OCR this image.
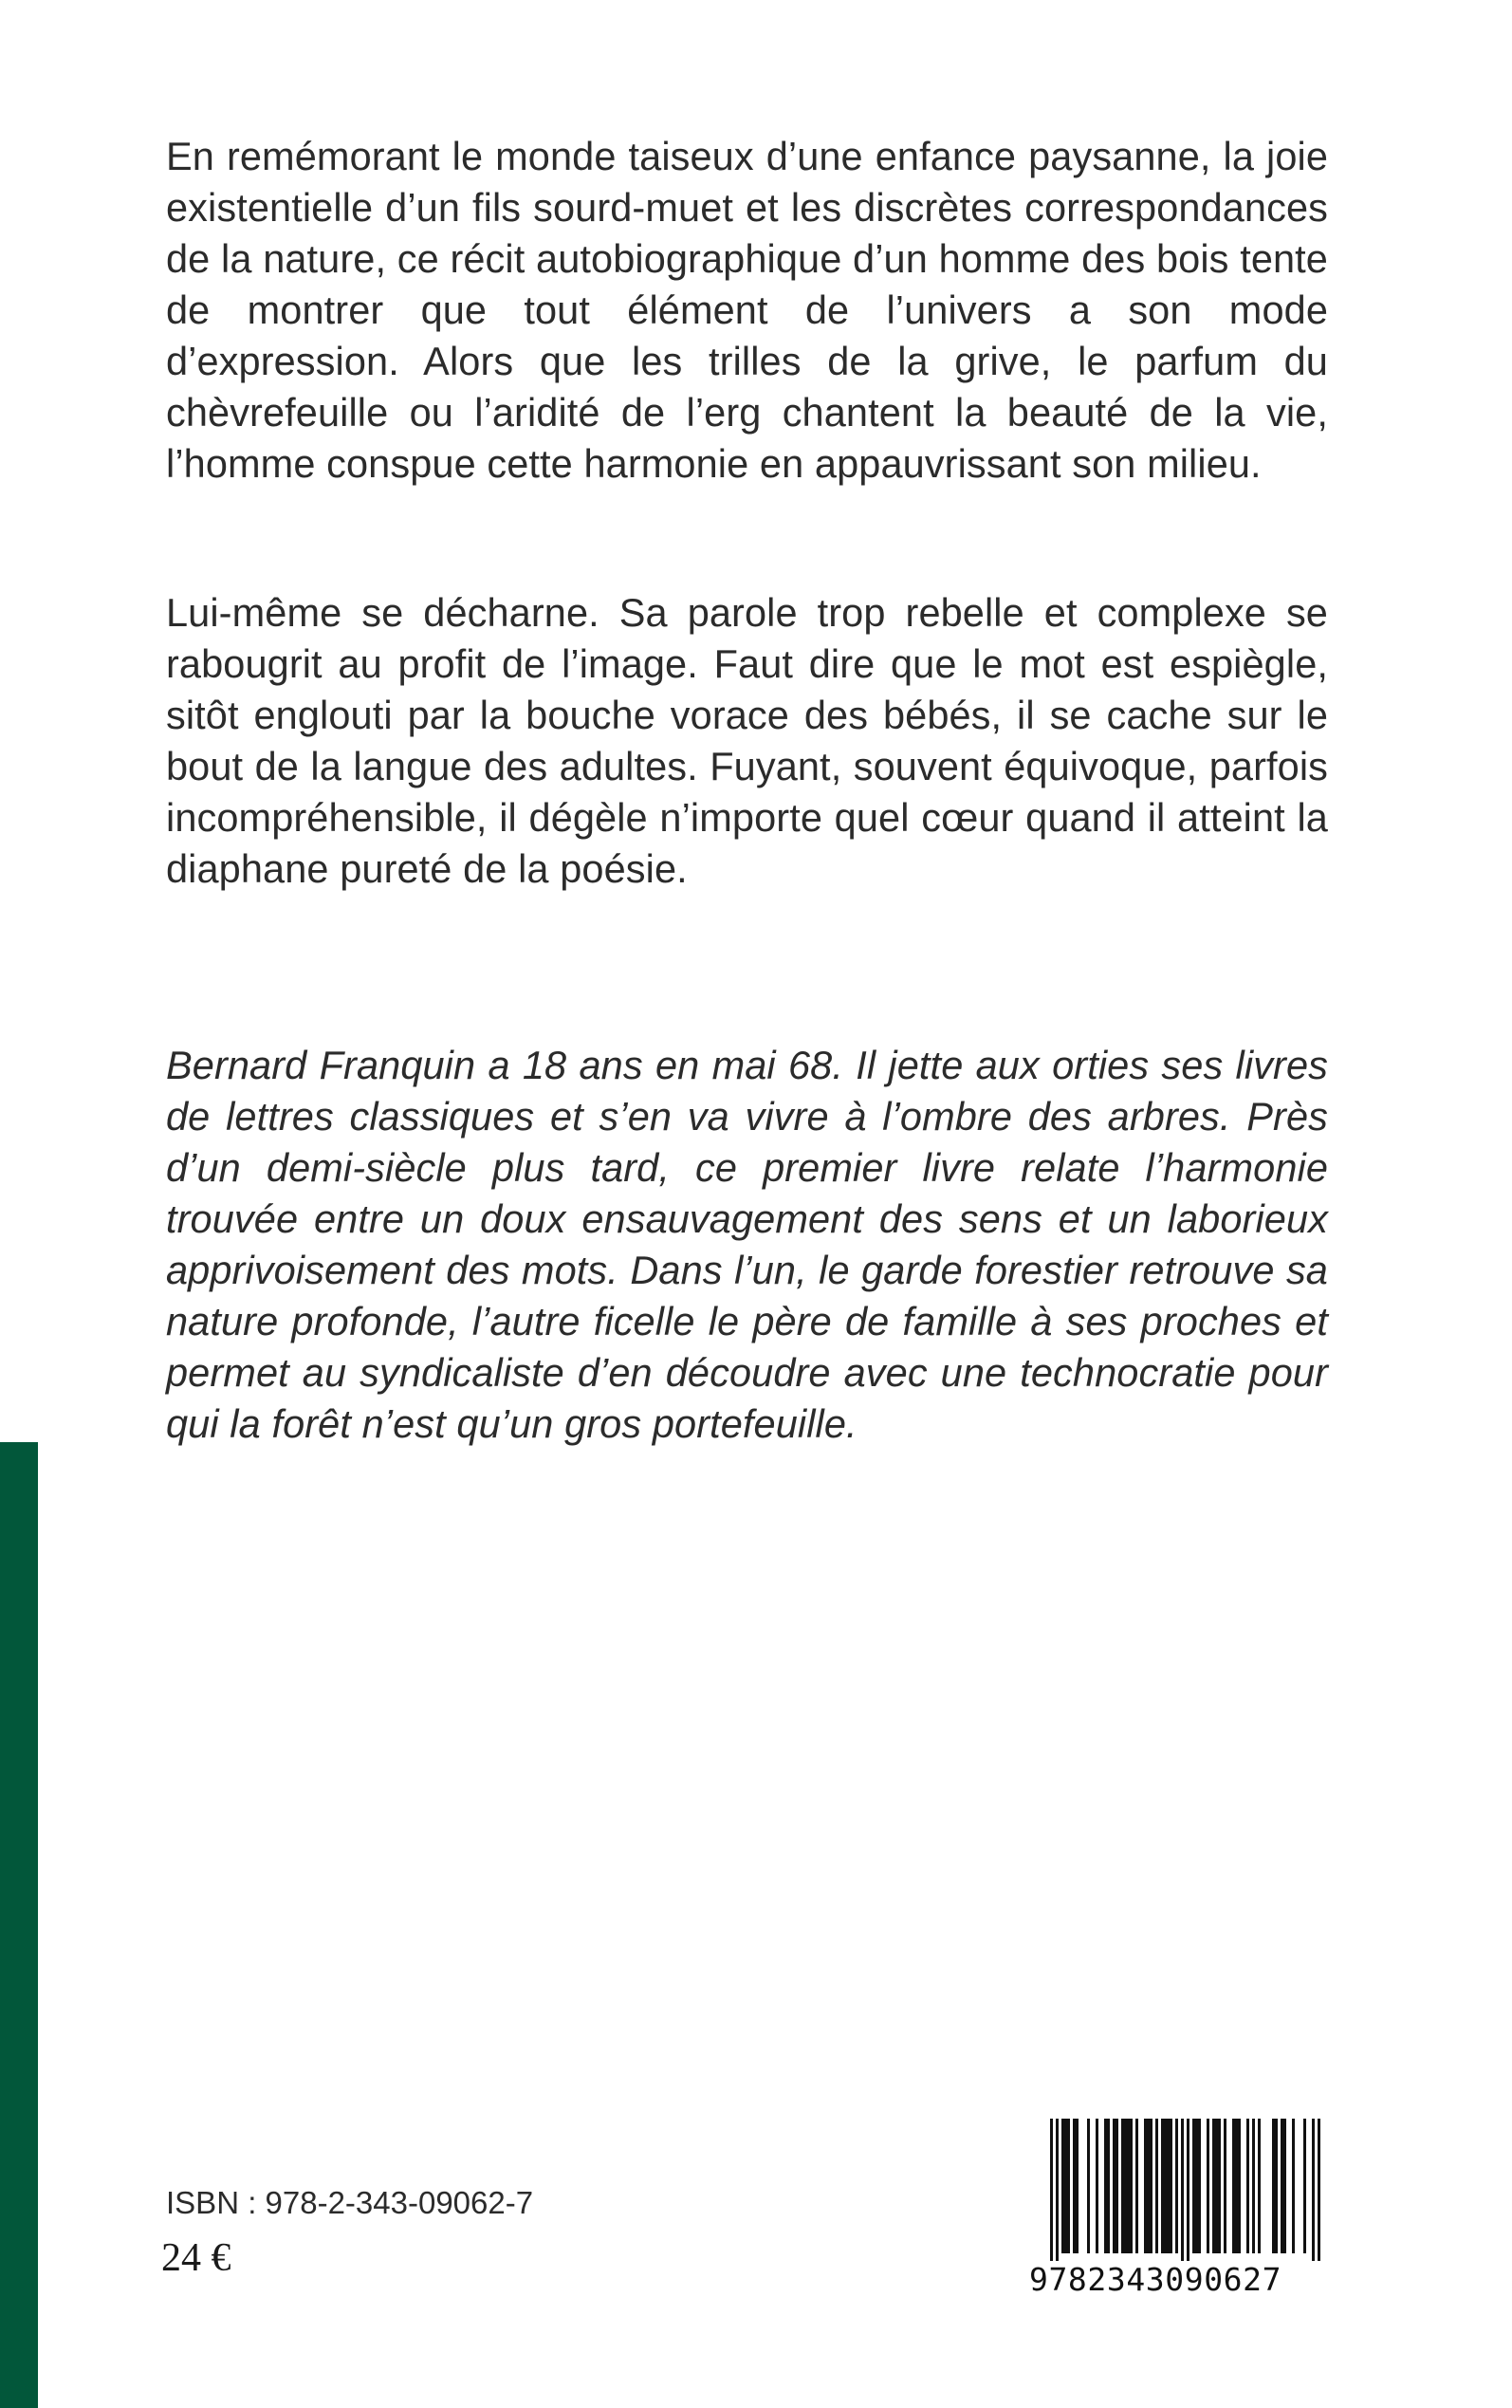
En remémorant le monde taiseux d’une enfance paysanne, la joie existentielle d’un fils sourd-muet et les discrètes correspondances de la nature, ce récit autobiographique d’un homme des bois tente de montrer que tout élément de l’univers a son mode d’expression. Alors que les trilles de la grive, le parfum du chèvrefeuille ou l’aridité de l’erg chantent la beauté de la vie, l’homme conspue cette harmonie en appauvrissant son milieu.

Lui-même se décharne. Sa parole trop rebelle et complexe se rabougrit au profit de l’image. Faut dire que le mot est espiègle, sitôt englouti par la bouche vorace des bébés, il se cache sur le bout de la langue des adultes. Fuyant, souvent équivoque, parfois incompréhensible, il dégèle n’importe quel cœur quand il atteint la diaphane pureté de la poésie.

Bernard Franquin a 18 ans en mai 68. Il jette aux orties ses livres de lettres classiques et s’en va vivre à l’ombre des arbres. Près d’un demi-siècle plus tard, ce premier livre relate l’harmonie trouvée entre un doux ensauvagement des sens et un laborieux apprivoisement des mots. Dans l’un, le garde forestier retrouve sa nature profonde, l’autre ficelle le père de famille à ses proches et permet au syndicaliste d’en découdre avec une technocratie pour qui la forêt n’est qu’un gros portefeuille.

ISBN : 978-2-343-09062-7
24 €	9782343090627
